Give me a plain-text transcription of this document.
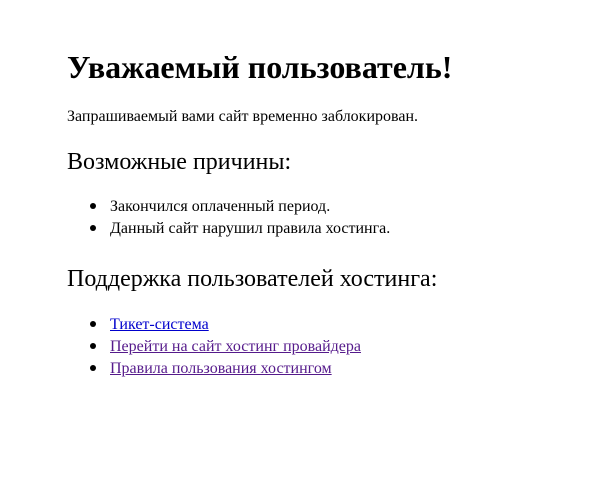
Уважаемый пользователь!

Запрашиваемый вами сайт временно заблокирован.

Возможные причины:
Закончился оплаченный период.
Данный сайт нарушил правила хостинга.
Поддержка пользователей хостинга:
Тикет-система
Перейти на сайт хостинг провайдера
Правила пользования хостингом
